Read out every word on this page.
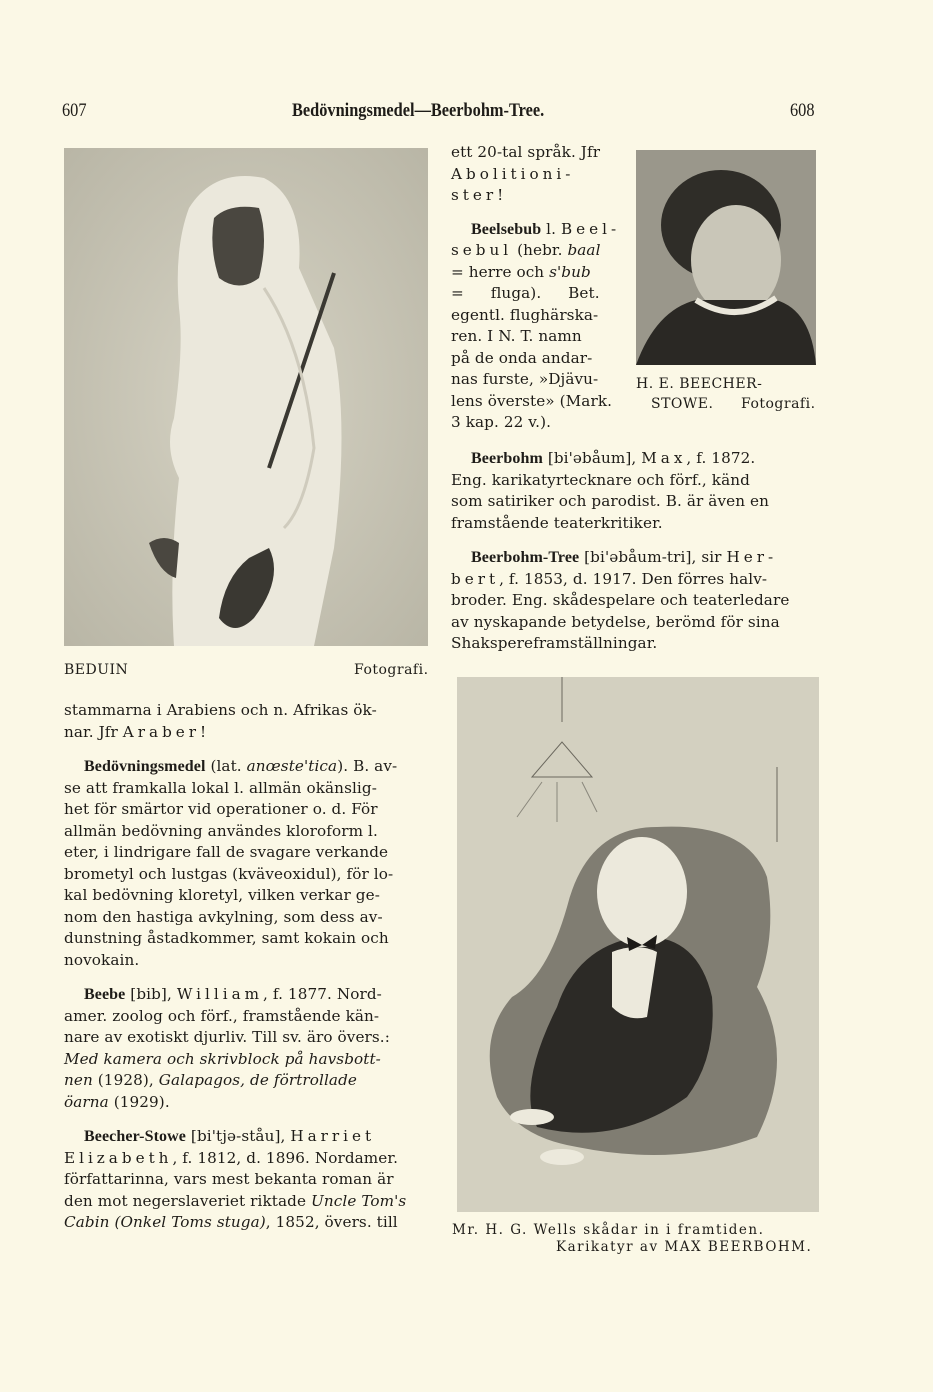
607	Bedövningsmedel—Beerbohm-Tree.	608
BEDUIN	Fotografi.
ett 20-tal språk. Jfr
Abolitioni-
ster!
Beelsebub l. Beel-
sebul (hebr. baal
= herre och s'bub
= fluga). Bet.
egentl. flughärska-
ren. I N. T. namn
på de onda andar-
nas furste, »Djävu-
lens överste» (Mark.
3 kap. 22 v.).
H. E. BEECHER-
STOWE. Fotografi.
Beerbohm [bi'əbåum], Max, f. 1872.
Eng. karikatyrtecknare och förf., känd
som satiriker och parodist. B. är även en
framstående teaterkritiker.
Beerbohm-Tree [bi'əbåum-tri], sir Her-
bert, f. 1853, d. 1917. Den förres halv-
broder. Eng. skådespelare och teaterledare
av nyskapande betydelse, berömd för sina
Shakspereframställningar.
Mr. H. G. Wells skådar in i framtiden.
Karikatyr av MAX BEERBOHM.
stammarna i Arabiens och n. Afrikas ök-
nar. Jfr Araber!
Bedövningsmedel (lat. anœste'tica). B. av-
se att framkalla lokal l. allmän okänslig-
het för smärtor vid operationer o. d. För
allmän bedövning användes kloroform l.
eter, i lindrigare fall de svagare verkande
brometyl och lustgas (kväveoxidul), för lo-
kal bedövning kloretyl, vilken verkar ge-
nom den hastiga avkylning, som dess av-
dunstning åstadkommer, samt kokain och
novokain.
Beebe [bib], William, f. 1877. Nord-
amer. zoolog och förf., framstående kän-
nare av exotiskt djurliv. Till sv. äro övers.:
Med kamera och skrivblock på havsbott-
nen (1928), Galapagos, de förtrollade
öarna (1929).
Beecher-Stowe [bi'tjə-ståu], Harriet
Elizabeth, f. 1812, d. 1896. Nordamer.
författarinna, vars mest bekanta roman är
den mot negerslaveriet riktade Uncle Tom's
Cabin (Onkel Toms stuga), 1852, övers. till
